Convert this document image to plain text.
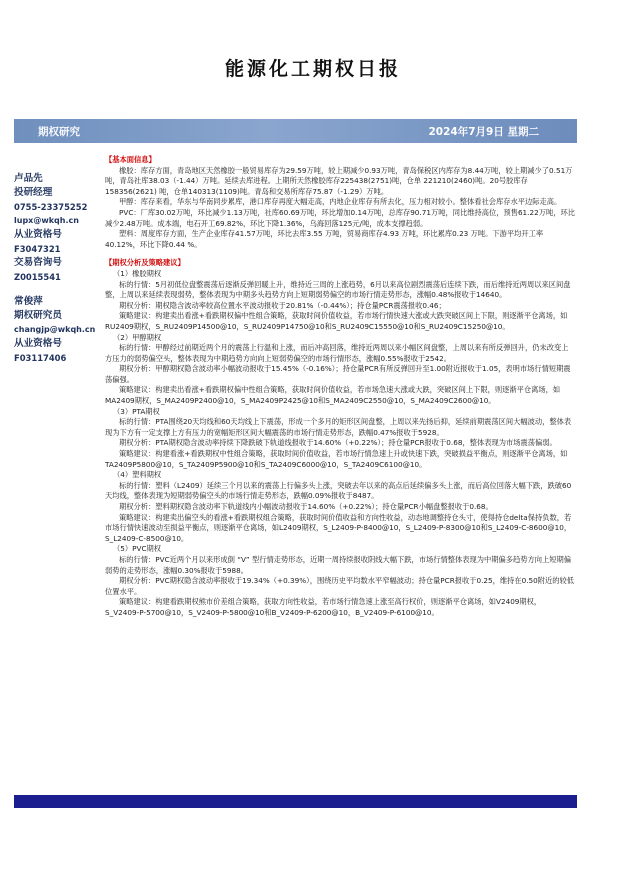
能源化工期权日报
期权研究	2024年7月9日 星期二
卢品先
投研经理
0755-23375252
lupx@wkqh.cn
从业资格号
F3047321
交易咨询号
Z0015541
常俊萍
期权研究员
changjp@wkqh.cn
从业资格号
F03117406
【基本面信息】

橡胶：库存方面，青岛地区天然橡胶一般贸易库存为29.59万吨，较上期减少0.93万吨，青岛保税区内库存为8.44万吨，较上期减少了0.51万吨，青岛社库38.03（-1.44）万吨。延续去库进程。上期所天然橡胶库存225438(2751)吨，仓单 221210(2460)吨。20号胶库存158356(2621) 吨，仓单140313(1109)吨。青岛和交易所库存75.87（-1.29）万吨。

甲醇：库存来看，华东与华南同步累库，港口库存再度大幅走高，内地企业库存有所去化，压力相对较小。整体看社会库存水平边际走高。

PVC：厂库30.02万吨，环比减少1.13万吨，社库60.69万吨，环比增加0.14万吨，总库存90.71万吨，同比维持高位，预售61.22万吨，环比减少2.48万吨。成本端，电石开工69.82%，环比下降1.36%，乌海回落125元/吨，成本支撑趋弱。

塑料：周度库存方面，生产企业库存41.57万吨，环比去库3.55 万吨，贸易商库存4.93 万吨，环比累库0.23 万吨。下游平均开工率40.12%，环比下降0.44 %。

【期权分析及策略建议】

（1）橡胶期权

标的行情：5月初低位盘整震荡后逐渐反弹回暖上升，维持近三周的上涨趋势，6月以来高位剧烈震荡后连续下跌，而后维持近两周以来区间盘整，上周以来延续表现弱势，整体表现为中期多头趋势方向上短期弱势偏空的市场行情走势形态，涨幅0.48%报收于14640。

期权分析：期权隐含波动率较高位置水平波动报收于20.81%（-0.44%）；持仓量PCR震荡报收0.46；

策略建议：构建卖出看涨+看跌期权偏中性组合策略，获取时间价值收益，若市场行情快速大涨或大跌突破区间上下限，则逐渐平仓离场，如RU2409期权，S_RU2409P14500@10，S_RU2409P14750@10和S_RU2409C15550@10和S_RU2409C15250@10。

（2）甲醇期权

标的行情：甲醇经过前期近两个月的震荡上行温和上涨，而后冲高回落，维持近两周以来小幅区间盘整，上周以来有所反弹回升，仍未改变上方压力的弱势偏空头，整体表现为中期趋势方向向上短弱势偏空的市场行情形态，涨幅0.55%报收于2542。

期权分析：甲醇期权隐含波动率小幅波动报收于15.45%（-0.16%）；持仓量PCR有所反弹回升至1.00附近报收于1.05，表明市场行情短期震荡偏强。

策略建议：构建卖出看涨+看跌期权偏中性组合策略，获取时间价值收益，若市场急速大涨或大跌，突破区间上下限，则逐渐平仓离场，如MA2409期权，S_MA2409P2400@10，S_MA2409P2425@10和S_MA2409C2550@10，S_MA2409C2600@10。

（3）PTA期权

标的行情：PTA围绕20天均线和60天均线上下震荡，形成一个多月的矩形区间盘整，上周以来先扬后抑，延续前期震荡区间大幅波动，整体表现为下方有一定支撑上方有压力的宽幅矩形区间大幅震荡的市场行情走势形态，跌幅0.47%报收于5928。

期权分析：PTA期权隐含波动率持续下降跌破下轨道线报收于14.60%（+0.22%）；持仓量PCR报收于0.68，整体表现为市场震荡偏弱。

策略建议：构建看涨+看跌期权中性组合策略，获取时间价值收益，若市场行情急速上升或快速下跌，突破损益平衡点，则逐渐平仓离场，如TA2409P5800@10，S_TA2409P5900@10和S_TA2409C6000@10，S_TA2409C6100@10。

（4）塑料期权

标的行情：塑料（L2409）延续三个月以来的震荡上行偏多头上涨，突破去年以来的高点后延续偏多头上涨，而后高位回落大幅下跌，跌破60天均线，整体表现为短期弱势偏空头的市场行情走势形态，跌幅0.09%报收于8487。

期权分析：塑料期权隐含波动率下轨道线内小幅波动报收于14.60%（+0.22%）；持仓量PCR小幅盘整报收于0.68。

策略建议：构建卖出偏空头的看涨+看跌期权组合策略，获取时间价值收益和方向性收益，动态地调整持仓头寸，使得持仓delta保持负数，若市场行情快速波动至损益平衡点，则逐渐平仓离场，如L2409期权，S_L2409-P-8400@10，S_L2409-P-8300@10和S_L2409-C-8600@10，S_L2409-C-8500@10。

（5）PVC期权

标的行情：PVC近两个月以来形成倒 “V” 型行情走势形态，近期一周持续报收阴线大幅下跌，市场行情整体表现为中期偏多趋势方向上短期偏弱势的走势形态，涨幅0.30%报收于5988。

期权分析：PVC期权隐含波动率报收于19.34%（+0.39%），围绕历史平均数水平窄幅波动；持仓量PCR报收于0.25，维持在0.50附近的较低位置水平。

策略建议：构建看跌期权熊市价差组合策略，获取方向性收益，若市场行情急速上涨至高行权价，则逐渐平仓离场，如V2409期权，S_V2409-P-5700@10，S_V2409-P-5800@10和B_V2409-P-6200@10，B_V2409-P-6100@10。
